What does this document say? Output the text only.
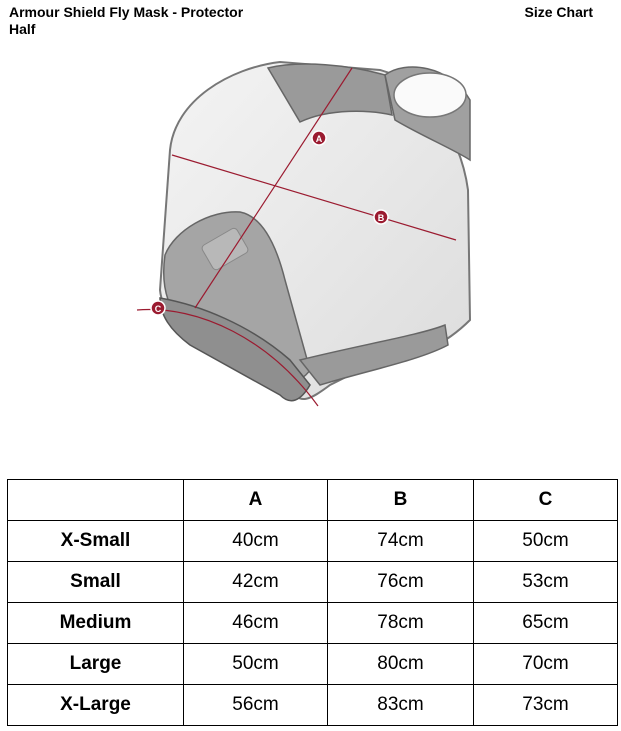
Armour Shield Fly Mask - Protector Half
Size Chart
A
B
C
	A	B	C
X-Small	40cm	74cm	50cm
Small	42cm	76cm	53cm
Medium	46cm	78cm	65cm
Large	50cm	80cm	70cm
X-Large	56cm	83cm	73cm
